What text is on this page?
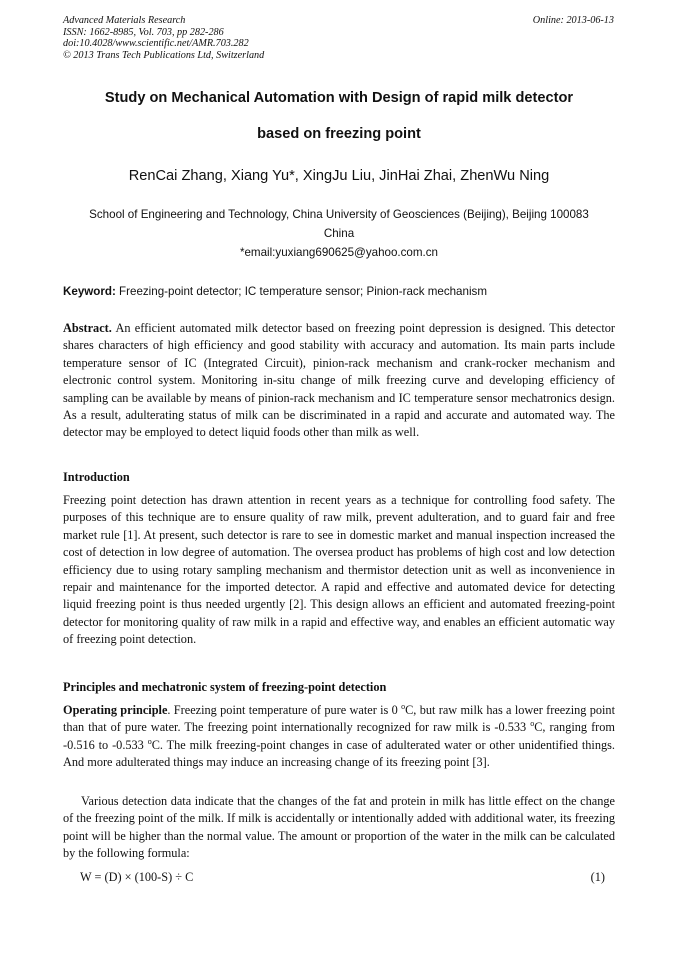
Advanced Materials Research
ISSN: 1662-8985, Vol. 703, pp 282-286
doi:10.4028/www.scientific.net/AMR.703.282
© 2013 Trans Tech Publications Ltd, Switzerland
Online: 2013-06-13
Study on Mechanical Automation with Design of rapid milk detector
based on freezing point
RenCai Zhang, Xiang Yu*, XingJu Liu, JinHai Zhai, ZhenWu Ning
School of Engineering and Technology, China University of Geosciences (Beijing), Beijing 100083
China
*email:yuxiang690625@yahoo.com.cn
Keyword: Freezing-point detector; IC temperature sensor; Pinion-rack mechanism
Abstract. An efficient automated milk detector based on freezing point depression is designed. This detector shares characters of high efficiency and good stability with accuracy and automation. Its main parts include temperature sensor of IC (Integrated Circuit), pinion-rack mechanism and crank-rocker mechanism and electronic control system. Monitoring in-situ change of milk freezing curve and developing efficiency of sampling can be available by means of pinion-rack mechanism and IC temperature sensor mechatronics design. As a result, adulterating status of milk can be discriminated in a rapid and accurate and automated way. The detector may be employed to detect liquid foods other than milk as well.
Introduction
Freezing point detection has drawn attention in recent years as a technique for controlling food safety. The purposes of this technique are to ensure quality of raw milk, prevent adulteration, and to guard fair and free market rule [1]. At present, such detector is rare to see in domestic market and manual inspection increased the cost of detection in low degree of automation. The oversea product has problems of high cost and low detection efficiency due to using rotary sampling mechanism and thermistor detection unit as well as inconvenience in repair and maintenance for the imported detector. A rapid and effective and automated device for detecting liquid freezing point is thus needed urgently [2]. This design allows an efficient and automated freezing-point detector for monitoring quality of raw milk in a rapid and effective way, and enables an efficient automatic way of freezing point detection.
Principles and mechatronic system of freezing-point detection
Operating principle. Freezing point temperature of pure water is 0 $^o$C, but raw milk has a lower freezing point than that of pure water. The freezing point internationally recognized for raw milk is -0.533 $^o$C, ranging from -0.516 to -0.533 $^o$C. The milk freezing-point changes in case of adulterated water or other unidentified things. And more adulterated things may induce an increasing change of its freezing point [3].
Various detection data indicate that the changes of the fat and protein in milk has little effect on the change of the freezing point of the milk. If milk is accidentally or intentionally added with additional water, its freezing point will be higher than the normal value. The amount or proportion of the water in the milk can be calculated by the following formula:
W = (D) × (100-S) ÷ C	(1)
